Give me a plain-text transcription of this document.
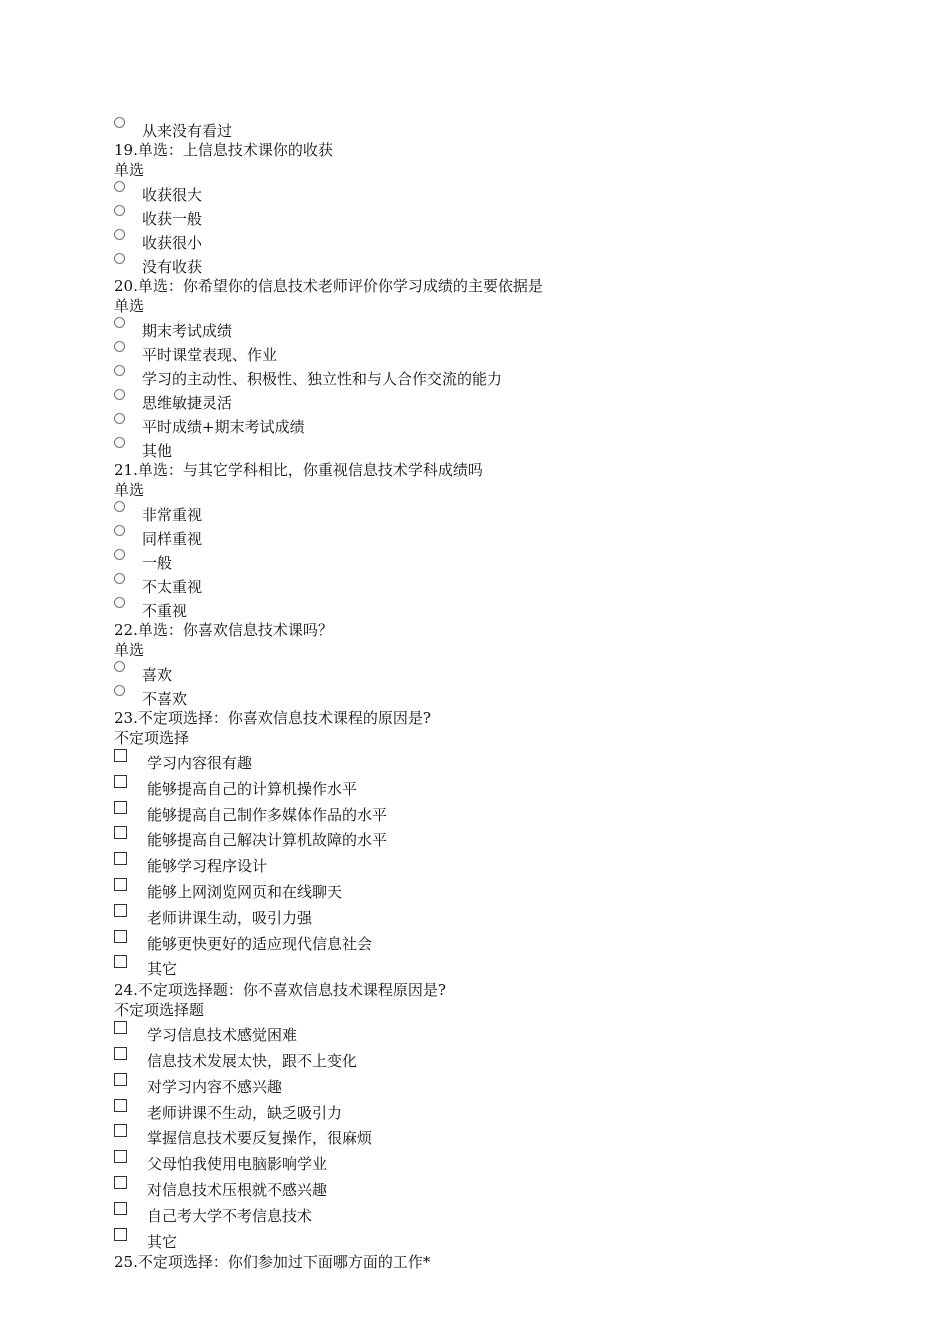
从来没有看过
19.单选：上信息技术课你的收获
单选
收获很大
收获一般
收获很小
没有收获
20.单选：你希望你的信息技术老师评价你学习成绩的主要依据是
单选
期末考试成绩
平时课堂表现、作业
学习的主动性、积极性、独立性和与人合作交流的能力
思维敏捷灵活
平时成绩+期末考试成绩
其他
21.单选：与其它学科相比，你重视信息技术学科成绩吗
单选
非常重视
同样重视
一般
不太重视
不重视
22.单选：你喜欢信息技术课吗？
单选
喜欢
不喜欢
23.不定项选择：你喜欢信息技术课程的原因是?
不定项选择
学习内容很有趣
能够提高自己的计算机操作水平
能够提高自己制作多媒体作品的水平
能够提高自己解决计算机故障的水平
能够学习程序设计
能够上网浏览网页和在线聊天
老师讲课生动，吸引力强
能够更快更好的适应现代信息社会
其它
24.不定项选择题：你不喜欢信息技术课程原因是?
不定项选择题
学习信息技术感觉困难
信息技术发展太快，跟不上变化
对学习内容不感兴趣
老师讲课不生动，缺乏吸引力
掌握信息技术要反复操作，很麻烦
父母怕我使用电脑影响学业
对信息技术压根就不感兴趣
自己考大学不考信息技术
其它
25.不定项选择：你们参加过下面哪方面的工作*
